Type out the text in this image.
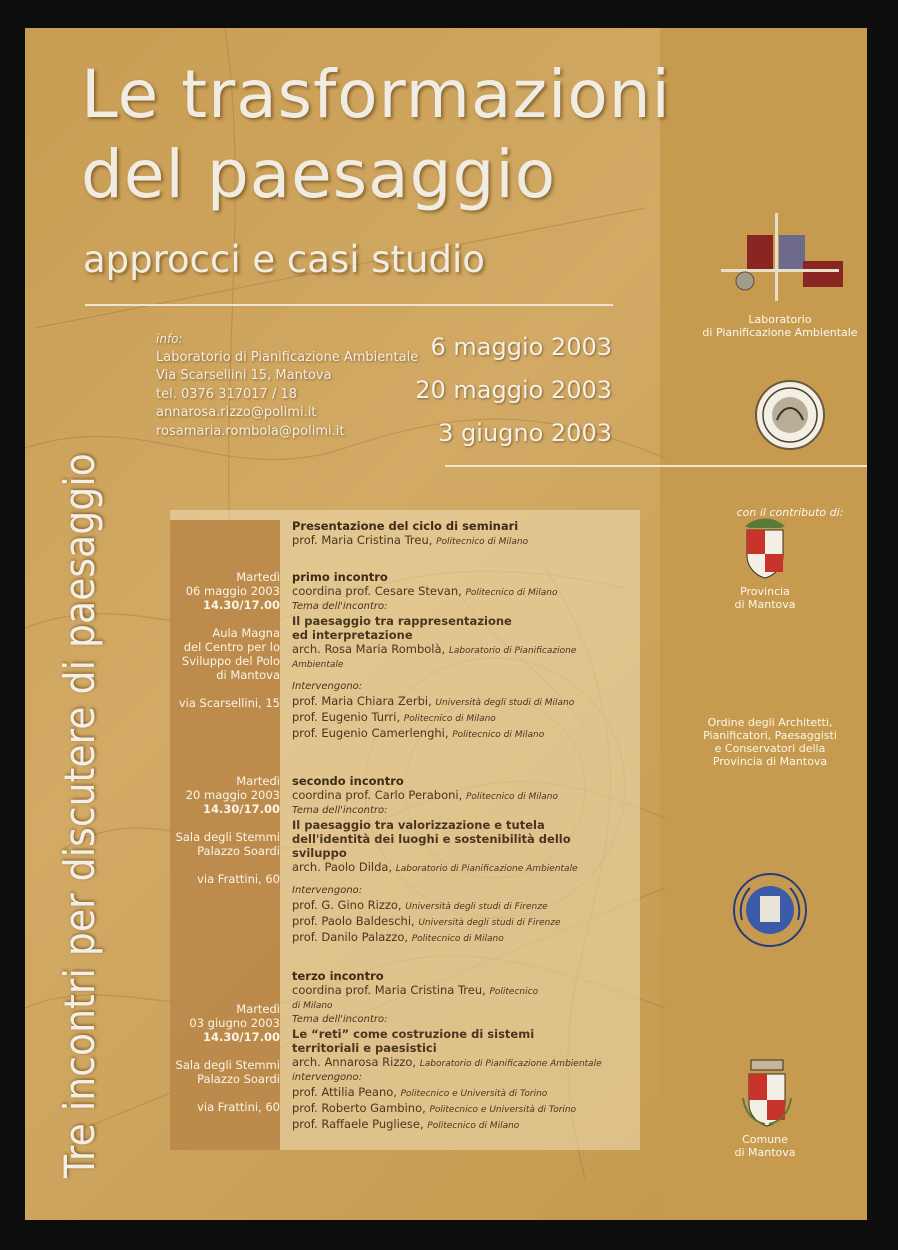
Le trasformazioni
del paesaggio
approcci e casi studio
Tre incontri per discutere di paesaggio
info:
Laboratorio di Pianificazione Ambientale
Via Scarsellini 15, Mantova
tel. 0376 317017 / 18
annarosa.rizzo@polimi.it
rosamaria.rombola@polimi.it
6 maggio 2003
20 maggio 2003
3 giugno 2003
Laboratorio
di Pianificazione Ambientale
con il contributo di:
Provincia
di Mantova
Ordine degli Architetti,
Pianificatori, Paesaggisti
e Conservatori della
Provincia di Mantova
Comune
di Mantova
Presentazione del ciclo di seminari
prof. Maria Cristina Treu, Politecnico di Milano
Martedì
06 maggio 2003
14.30/17.00
Aula Magna
del Centro per lo
Sviluppo del Polo
di Mantova
via Scarsellini, 15
primo incontro
coordina prof. Cesare Stevan, Politecnico di Milano
Tema dell'incontro:
Il paesaggio tra rappresentazione
ed interpretazione
arch. Rosa Maria Rombolà, Laboratorio di Pianificazione
Ambientale
Intervengono:
prof. Maria Chiara Zerbi, Università degli studi di Milano
prof. Eugenio Turri, Politecnico di Milano
prof. Eugenio Camerlenghi, Politecnico di Milano
Martedì
20 maggio 2003
14.30/17.00
Sala degli Stemmi
Palazzo Soardi
via Frattini, 60
secondo incontro
coordina prof. Carlo Peraboni, Politecnico di Milano
Tema dell'incontro:
Il paesaggio tra valorizzazione e tutela
dell'identità dei luoghi e sostenibilità dello sviluppo
arch. Paolo Dilda, Laboratorio di Pianificazione Ambientale
Intervengono:
prof. G. Gino Rizzo, Università degli studi di Firenze
prof. Paolo Baldeschi, Università degli studi di Firenze
prof. Danilo Palazzo, Politecnico di Milano
Martedì
03 giugno 2003
14.30/17.00
Sala degli Stemmi
Palazzo Soardi
via Frattini, 60
terzo incontro
coordina prof. Maria Cristina Treu, Politecnico
di Milano
Tema dell'incontro:
Le “reti” come costruzione di sistemi
territoriali e paesistici
arch. Annarosa Rizzo, Laboratorio di Pianificazione Ambientale
intervengono:
prof. Attilia Peano, Politecnico e Università di Torino
prof. Roberto Gambino, Politecnico e Università di Torino
prof. Raffaele Pugliese, Politecnico di Milano
